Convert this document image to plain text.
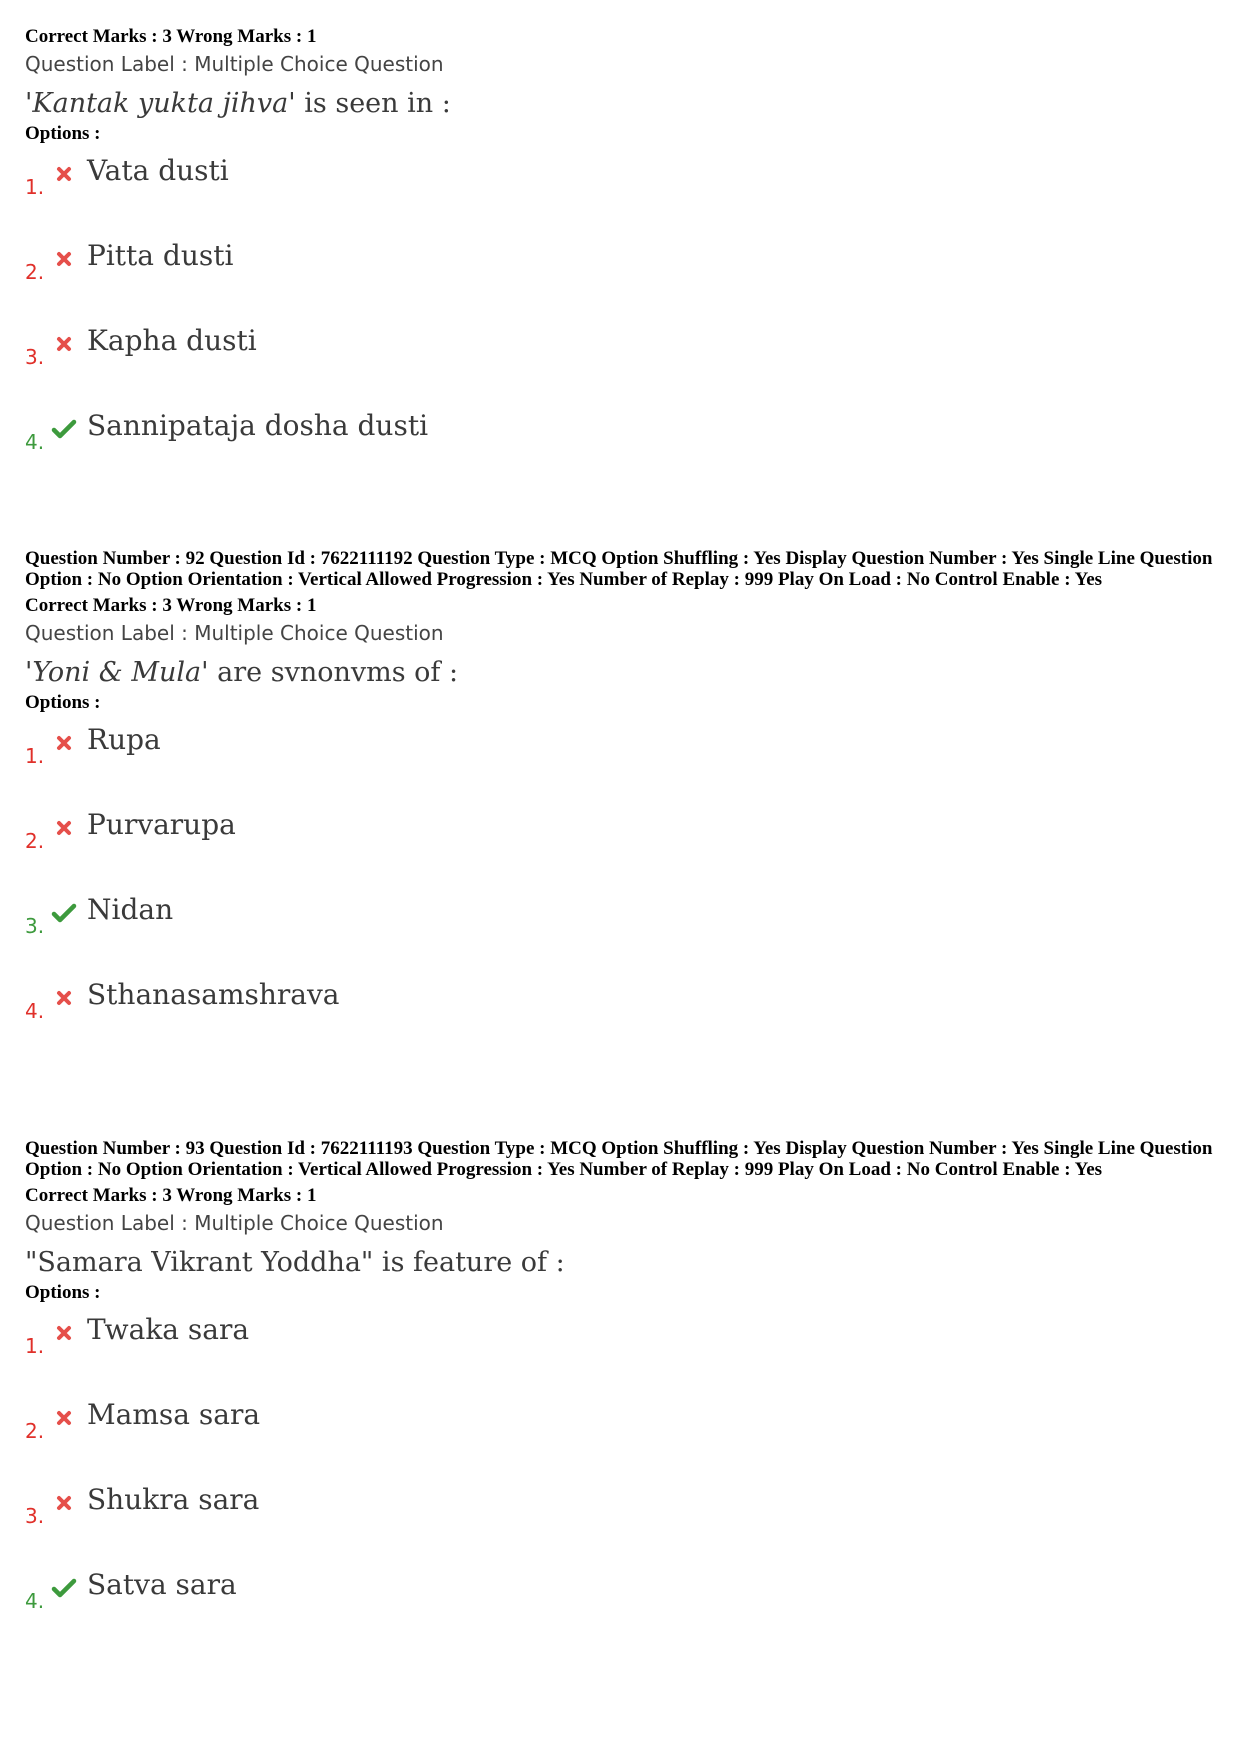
Correct Marks : 3 Wrong Marks : 1
Question Label : Multiple Choice Question
'Kantak yukta jihva' is seen in :
Options :
1. Vata dusti
2. Pitta dusti
3. Kapha dusti
4. Sannipataja dosha dusti
Question Number : 92 Question Id : 7622111192 Question Type : MCQ Option Shuffling : Yes Display Question Number : Yes Single Line Question Option : No Option Orientation : Vertical Allowed Progression : Yes Number of Replay : 999 Play On Load : No Control Enable : Yes
Correct Marks : 3 Wrong Marks : 1
Question Label : Multiple Choice Question
'Yoni & Mula' are svnonvms of :
Options :
1. Rupa
2. Purvarupa
3. Nidan
4. Sthanasamshrava
Question Number : 93 Question Id : 7622111193 Question Type : MCQ Option Shuffling : Yes Display Question Number : Yes Single Line Question Option : No Option Orientation : Vertical Allowed Progression : Yes Number of Replay : 999 Play On Load : No Control Enable : Yes
Correct Marks : 3 Wrong Marks : 1
Question Label : Multiple Choice Question
"Samara Vikrant Yoddha" is feature of :
Options :
1. Twaka sara
2. Mamsa sara
3. Shukra sara
4. Satva sara
